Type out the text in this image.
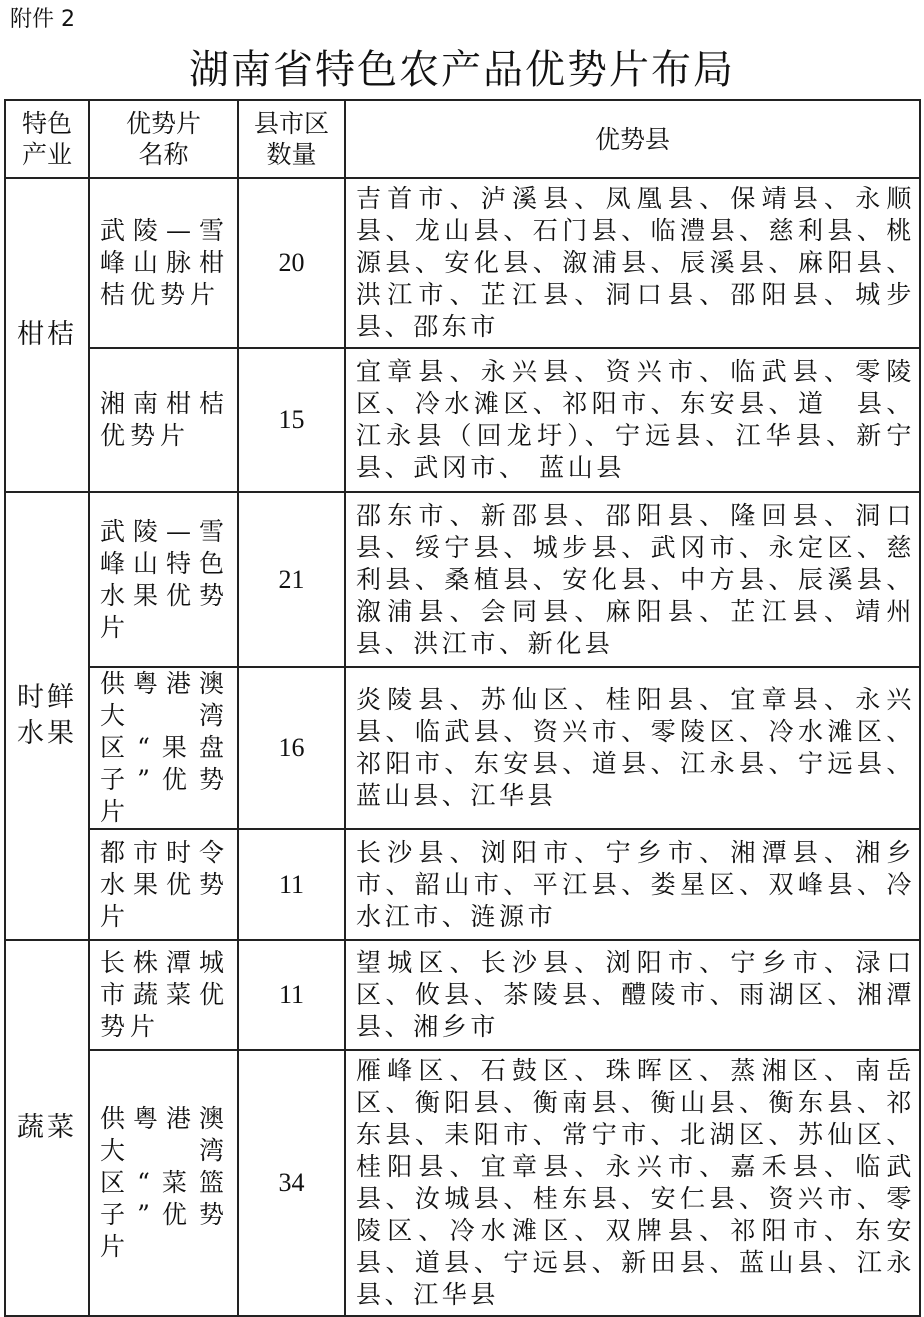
附件 2
湖南省特色农产品优势片布局
特色产业	优势片名称	县市区数量	优势县
柑桔	武陵—雪峰山脉柑桔优势片	20	吉首市、泸溪县、凤凰县、保靖县、永顺县、龙山县、石门县、临澧县、慈利县、桃源县、安化县、溆浦县、辰溪县、麻阳县、洪江市、芷江县、洞口县、邵阳县、城步县、邵东市
	湘南柑桔优势片	15	宜章县、永兴县、资兴市、临武县、零陵区、冷水滩区、祁阳市、东安县、道　县、江永县（回龙圩）、宁远县、江华县、新宁县、武冈市、 蓝山县
时鲜水果	武陵—雪峰山特色水果优势片	21	邵东市、新邵县、邵阳县、隆回县、洞口县、绥宁县、城步县、武冈市、永定区、慈利县、桑植县、安化县、中方县、辰溪县、溆浦县、会同县、麻阳县、芷江县、靖州县、洪江市、新化县
	供粤港澳大湾区“果盘子”优势片	16	炎陵县、苏仙区、桂阳县、宜章县、永兴县、临武县、资兴市、零陵区、冷水滩区、祁阳市、东安县、道县、江永县、宁远县、蓝山县、江华县
	都市时令水果优势片	11	长沙县、浏阳市、宁乡市、湘潭县、湘乡市、韶山市、平江县、娄星区、双峰县、冷水江市、涟源市
蔬菜	长株潭城市蔬菜优势片	11	望城区、长沙县、浏阳市、宁乡市、渌口区、攸县、茶陵县、醴陵市、雨湖区、湘潭县、湘乡市
	供粤港澳大湾区“菜篮子”优势片	34	雁峰区、石鼓区、珠晖区、蒸湘区、南岳区、衡阳县、衡南县、衡山县、衡东县、祁东县、耒阳市、常宁市、北湖区、苏仙区、桂阳县、宜章县、永兴市、嘉禾县、临武县、汝城县、桂东县、安仁县、资兴市、零陵区、冷水滩区、双牌县、祁阳市、东安县、道县、宁远县、新田县、蓝山县、江永县、江华县
